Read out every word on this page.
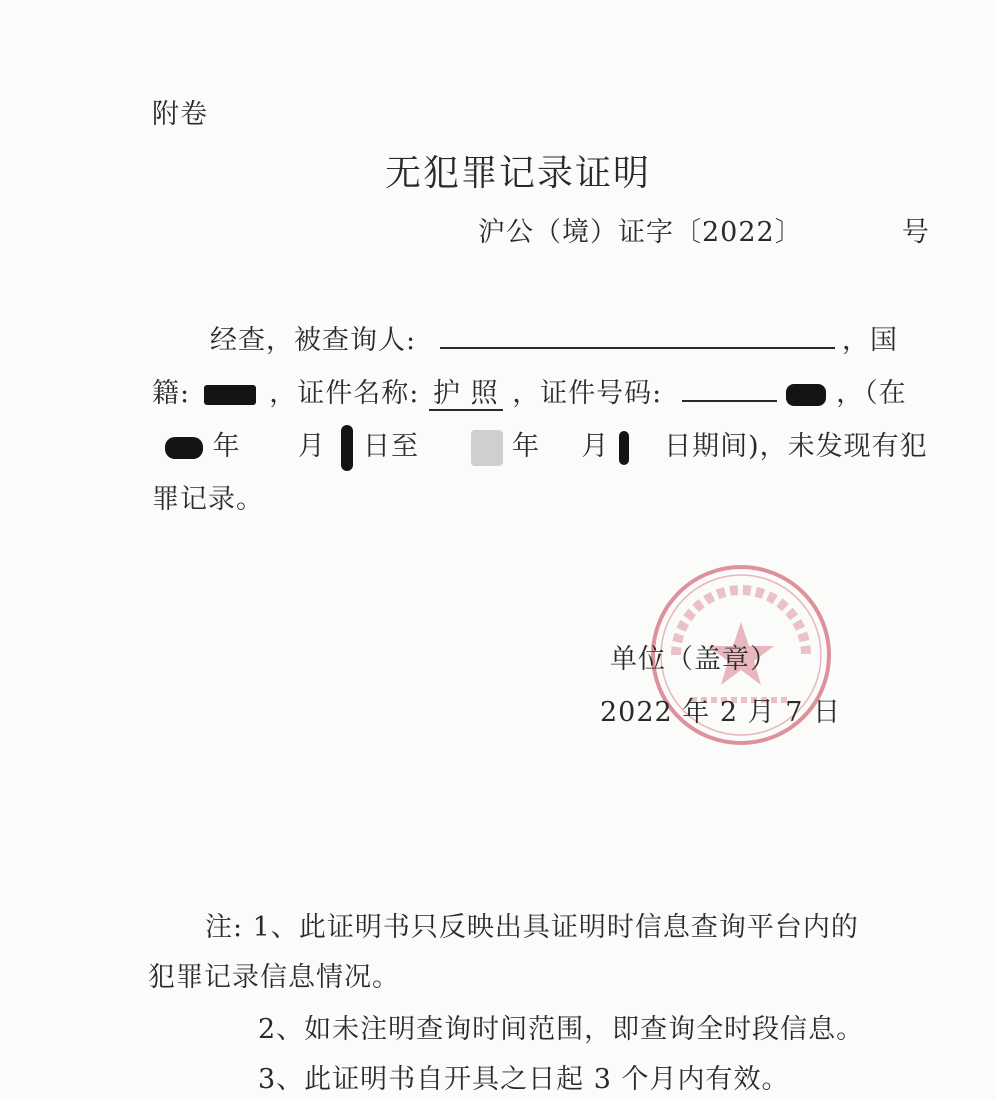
附卷
无犯罪记录证明
沪公（境）证字〔2022〕	号
经查，被查询人:	，国
籍:	，证件名称: 护 照 ，证件号码:	，（在
年 月 日至	年 月 日期间)，未发现有犯
罪记录。
单位（盖章）
2022 年 2 月 7 日
注: 1、此证明书只反映出具证明时信息查询平台内的
犯罪记录信息情况。
2、如未注明查询时间范围，即查询全时段信息。
3、此证明书自开具之日起 3 个月内有效。
